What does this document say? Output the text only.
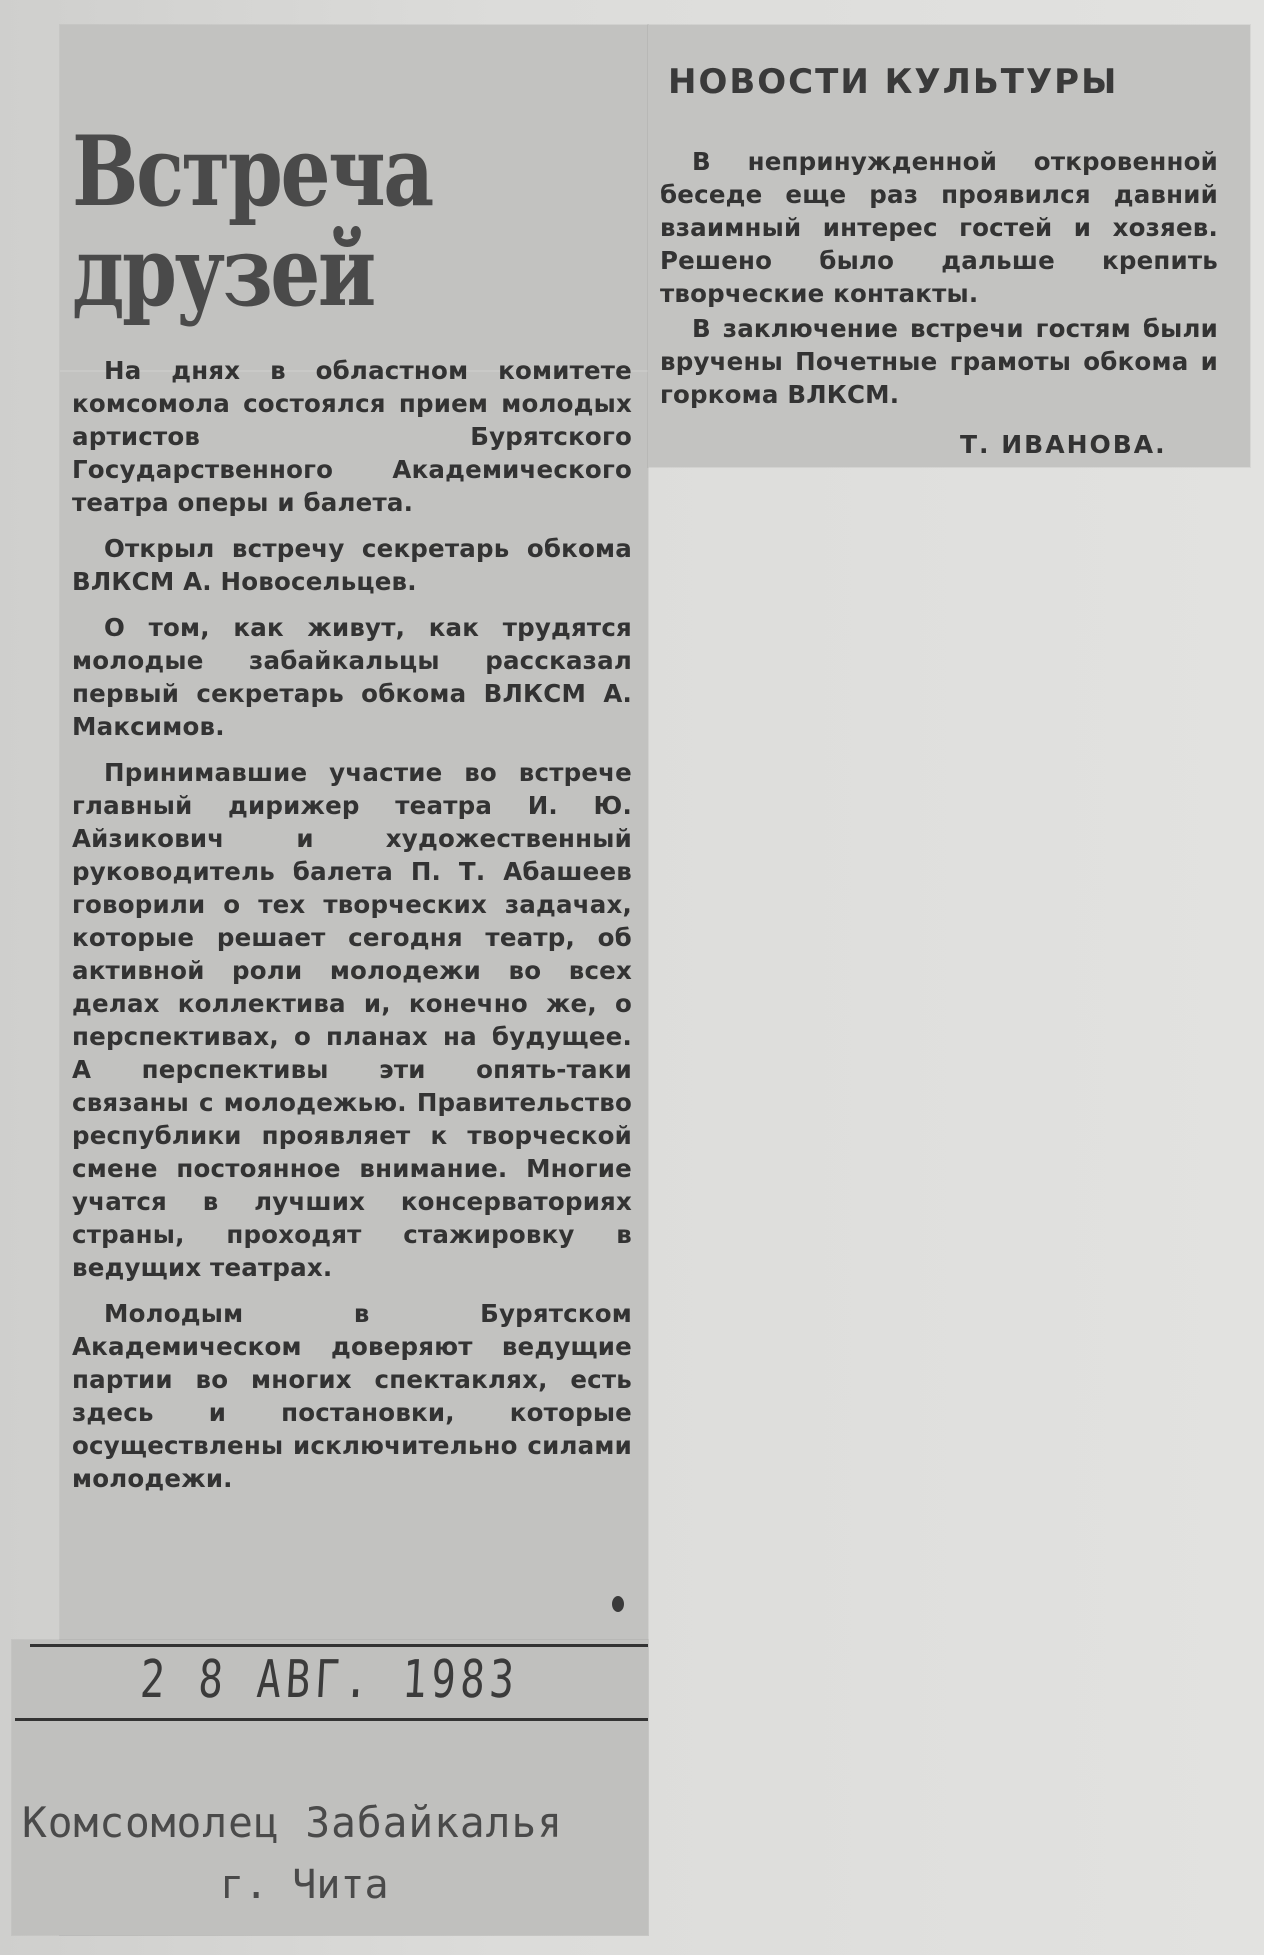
Встреча
друзей
НОВОСТИ КУЛЬТУРЫ

На днях в областном комитете комсомола состоялся прием молодых артистов Бурятского Государственного Академического театра оперы и балета.

Открыл встречу секретарь обкома ВЛКСМ А. Новосельцев.

О том, как живут, как трудятся молодые забайкальцы рассказал первый секретарь обкома ВЛКСМ А. Максимов.

Принимавшие участие во встрече главный дирижер театра И. Ю. Айзикович и художественный руководитель балета П. Т. Абашеев говорили о тех творческих задачах, которые решает сегодня театр, об активной роли молодежи во всех делах коллектива и, конечно же, о перспективах, о планах на будущее. А перспективы эти опять-таки связаны с молодежью. Правительство республики проявляет к творческой смене постоянное внимание. Многие учатся в лучших консерваториях страны, проходят стажировку в ведущих театрах.

Молодым в Бурятском Академическом доверяют ведущие партии во многих спектаклях, есть здесь и постановки, которые осуществлены исключительно силами молодежи.

В непринужденной откровенной беседе еще раз проявился давний взаимный интерес гостей и хозяев. Решено было дальше крепить творческие контакты.

В заключение встречи гостям были вручены Почетные грамоты обкома и горкома ВЛКСМ.

Т. ИВАНОВА.
2 8 АВГ. 1983
Комсомолец Забайкалья
г. Чита
